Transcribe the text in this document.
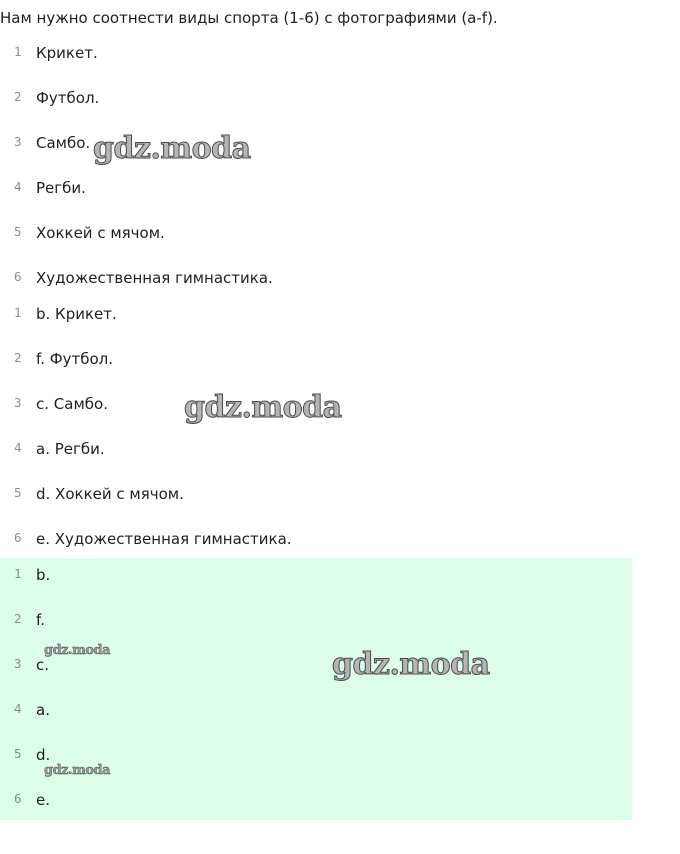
Нам нужно соотнести виды спорта (1-6) с фотографиями (a-f).
1 Крикет.
2 Футбол.
3 Самбо.
4 Регби.
5 Хоккей с мячом.
6 Художественная гимнастика.
1 b. Крикет.
2 f. Футбол.
3 c. Самбо.
4 a. Регби.
5 d. Хоккей с мячом.
6 e. Художественная гимнастика.
1 b.
2 f.
3 c.
4 a.
5 d.
6 e.
gdz.moda
gdz.moda
gdz.moda
gdz.moda
gdz.moda
